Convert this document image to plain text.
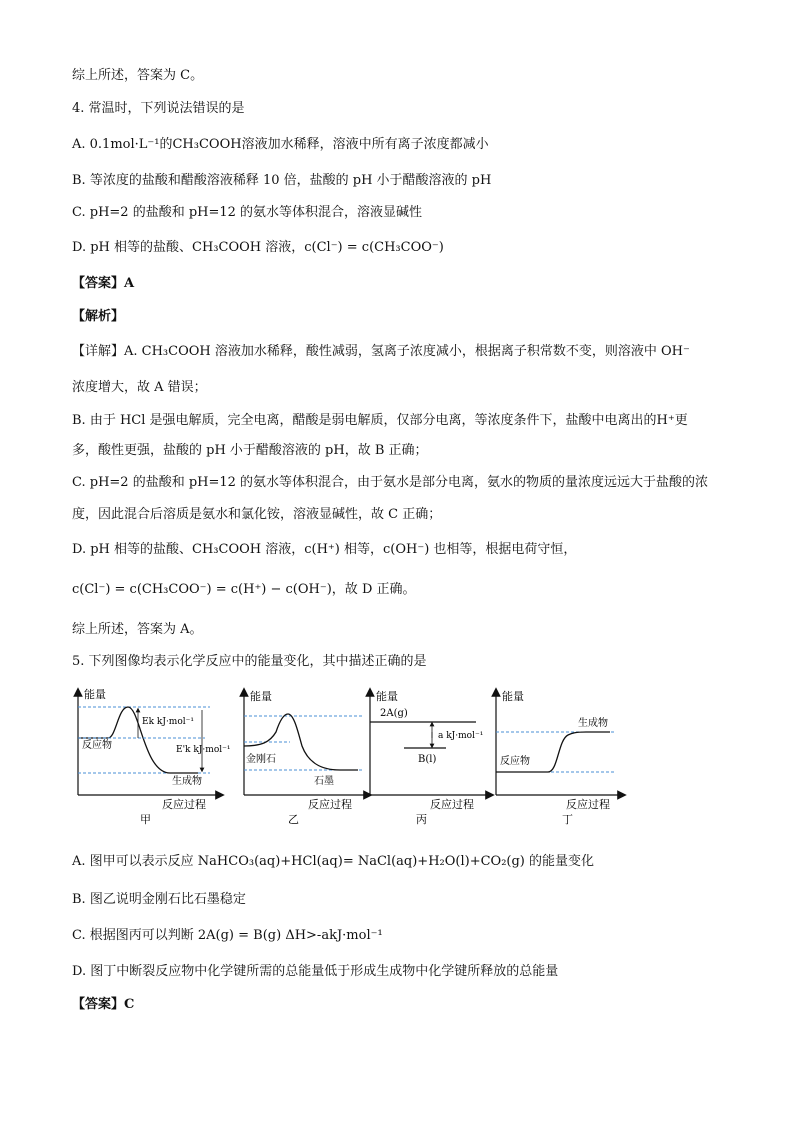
综上所述，答案为 C。
4. 常温时，下列说法错误的是
A. 0.1mol·L⁻¹的CH₃COOH溶液加水稀释，溶液中所有离子浓度都减小
B. 等浓度的盐酸和醋酸溶液稀释 10 倍，盐酸的 pH 小于醋酸溶液的 pH
C. pH=2 的盐酸和 pH=12 的氨水等体积混合，溶液显碱性
D. pH 相等的盐酸、CH₃COOH 溶液，c(Cl⁻) = c(CH₃COO⁻)
【答案】A
【解析】
【详解】A. CH₃COOH 溶液加水稀释，酸性减弱，氢离子浓度减小，根据离子积常数不变，则溶液中 OH⁻
浓度增大，故 A 错误；
B. 由于 HCl 是强电解质，完全电离，醋酸是弱电解质，仅部分电离，等浓度条件下，盐酸中电离出的H⁺更
多，酸性更强，盐酸的 pH 小于醋酸溶液的 pH，故 B 正确；
C. pH=2 的盐酸和 pH=12 的氨水等体积混合，由于氨水是部分电离，氨水的物质的量浓度远远大于盐酸的浓
度，因此混合后溶质是氨水和氯化铵，溶液显碱性，故 C 正确；
D. pH 相等的盐酸、CH₃COOH 溶液，c(H⁺) 相等，c(OH⁻) 也相等，根据电荷守恒，
c(Cl⁻) = c(CH₃COO⁻) = c(H⁺) − c(OH⁻)，故 D 正确。
综上所述，答案为 A。
5. 下列图像均表示化学反应中的能量变化，其中描述正确的是
能量
反应物
生成物
Ek kJ·mol⁻¹
E'k kJ·mol⁻¹
反应过程
甲
能量
金刚石
石墨
反应过程
乙
能量
2A(g)
B(l)
a kJ·mol⁻¹
反应过程
丙
能量
反应物
生成物
反应过程
丁
A. 图甲可以表示反应 NaHCO₃(aq)+HCl(aq)= NaCl(aq)+H₂O(l)+CO₂(g) 的能量变化
B. 图乙说明金刚石比石墨稳定
C. 根据图丙可以判断 2A(g) = B(g) ΔH>-akJ·mol⁻¹
D. 图丁中断裂反应物中化学键所需的总能量低于形成生成物中化学键所释放的总能量
【答案】C
